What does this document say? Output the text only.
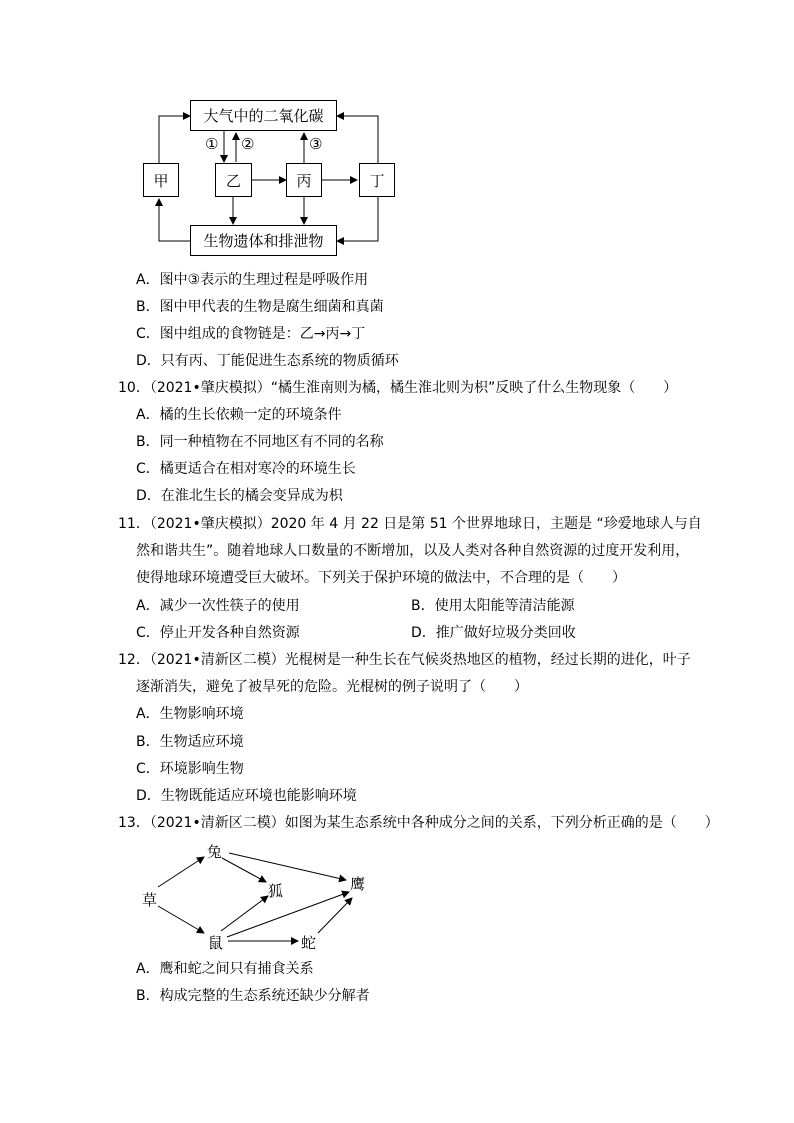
大气中的二氧化碳
生物遗体和排泄物
甲	乙	丙	丁
① ②	③
A．图中③表示的生理过程是呼吸作用
B．图中甲代表的生物是腐生细菌和真菌
C．图中组成的食物链是：乙→丙→丁
D．只有丙、丁能促进生态系统的物质循环
10．（2021•肇庆模拟）“橘生淮南则为橘，橘生淮北则为枳”反映了什么生物现象（　　）
A．橘的生长依赖一定的环境条件
B．同一种植物在不同地区有不同的名称
C．橘更适合在相对寒冷的环境生长
D．在淮北生长的橘会变异成为枳
11．（2021•肇庆模拟）2020 年 4 月 22 日是第 51 个世界地球日，主题是 “珍爱地球人与自
然和谐共生”。随着地球人口数量的不断增加，以及人类对各种自然资源的过度开发利用，
使得地球环境遭受巨大破坏。下列关于保护环境的做法中，不合理的是（　　）
A．减少一次性筷子的使用	B．使用太阳能等清洁能源
C．停止开发各种自然资源	D．推广做好垃圾分类回收
12．（2021•清新区二模）光棍树是一种生长在气候炎热地区的植物，经过长期的进化，叶子
逐渐消失，避免了被旱死的危险。光棍树的例子说明了（　　）
A．生物影响环境
B．生物适应环境
C．环境影响生物
D．生物既能适应环境也能影响环境
13．（2021•清新区二模）如图为某生态系统中各种成分之间的关系，下列分析正确的是（　　）
草
兔
狐	鹰
鼠	蛇
A．鹰和蛇之间只有捕食关系
B．构成完整的生态系统还缺少分解者
